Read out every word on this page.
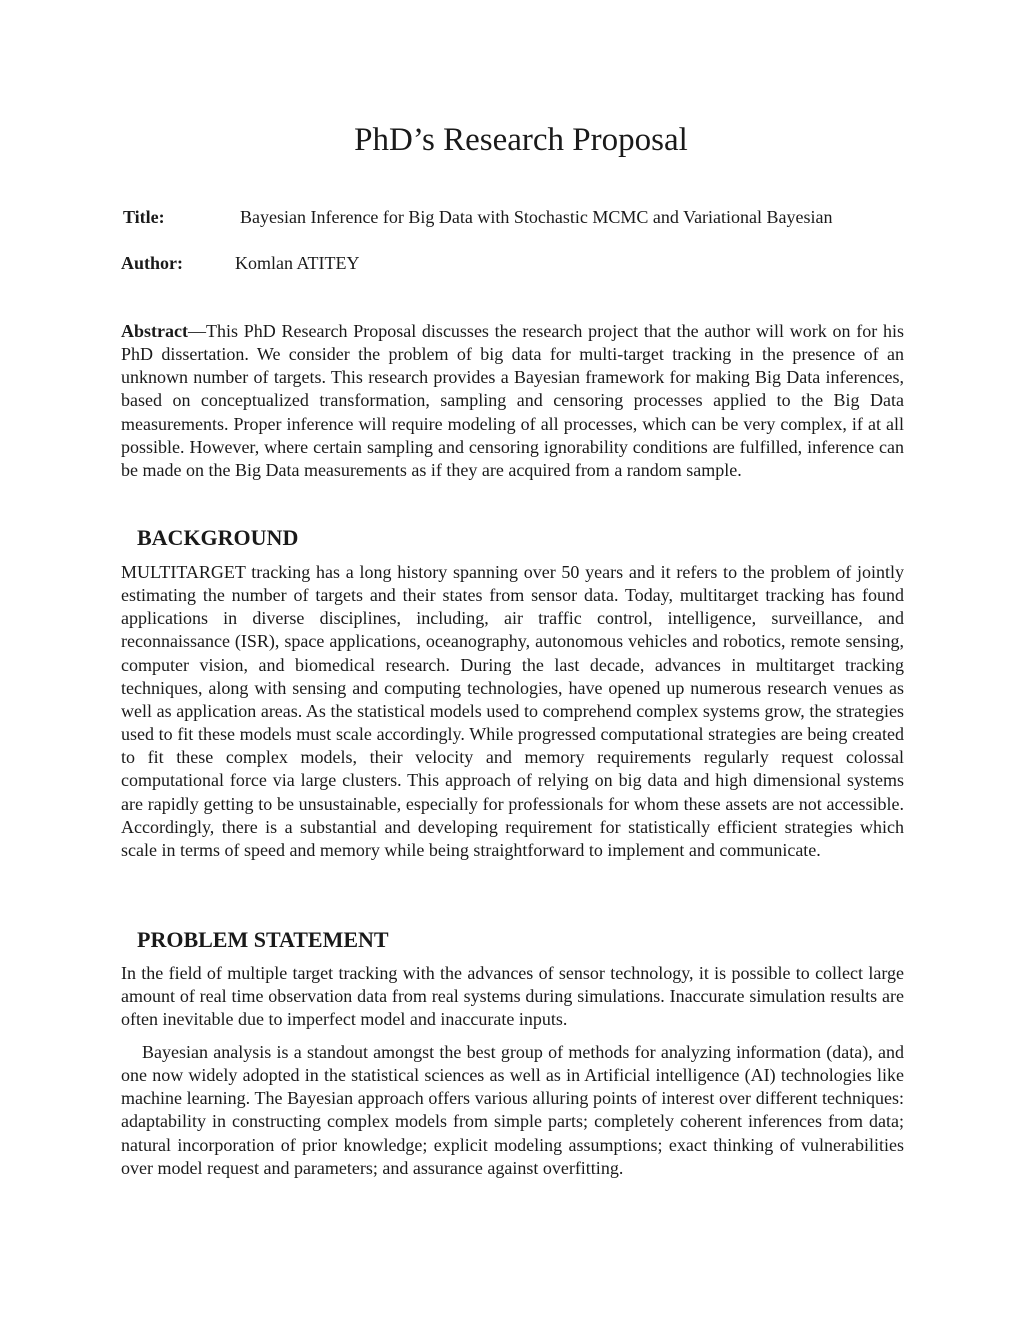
PhD’s Research Proposal
Title:	Bayesian Inference for Big Data with Stochastic MCMC and Variational Bayesian
Author:	Komlan ATITEY

Abstract—This PhD Research Proposal discusses the research project that the author will work on for his PhD dissertation. We consider the problem of big data for multi-target tracking in the presence of an unknown number of targets. This research provides a Bayesian framework for making Big Data inferences, based on conceptualized transformation, sampling and censoring processes applied to the Big Data measurements. Proper inference will require modeling of all processes, which can be very complex, if at all possible. However, where certain sampling and censoring ignorability conditions are fulfilled, inference can be made on the Big Data measurements as if they are acquired from a random sample.

BACKGROUND

MULTITARGET tracking has a long history spanning over 50 years and it refers to the problem of jointly estimating the number of targets and their states from sensor data. Today, multitarget tracking has found applications in diverse disciplines, including, air traffic control, intelligence, surveillance, and reconnaissance (ISR), space applications, oceanography, autonomous vehicles and robotics, remote sensing, computer vision, and biomedical research. During the last decade, advances in multitarget tracking techniques, along with sensing and computing technologies, have opened up numerous research venues as well as application areas. As the statistical models used to comprehend complex systems grow, the strategies used to fit these models must scale accordingly. While progressed computational strategies are being created to fit these complex models, their velocity and memory requirements regularly request colossal computational force via large clusters. This approach of relying on big data and high dimensional systems are rapidly getting to be unsustainable, especially for professionals for whom these assets are not accessible. Accordingly, there is a substantial and developing requirement for statistically efficient strategies which scale in terms of speed and memory while being straightforward to implement and communicate.

PROBLEM STATEMENT

In the field of multiple target tracking with the advances of sensor technology, it is possible to collect large amount of real time observation data from real systems during simulations. Inaccurate simulation results are often inevitable due to imperfect model and inaccurate inputs.

Bayesian analysis is a standout amongst the best group of methods for analyzing information (data), and one now widely adopted in the statistical sciences as well as in Artificial intelligence (AI) technologies like machine learning. The Bayesian approach offers various alluring points of interest over different techniques: adaptability in constructing complex models from simple parts; completely coherent inferences from data; natural incorporation of prior knowledge; explicit modeling assumptions; exact thinking of vulnerabilities over model request and parameters; and assurance against overfitting.
